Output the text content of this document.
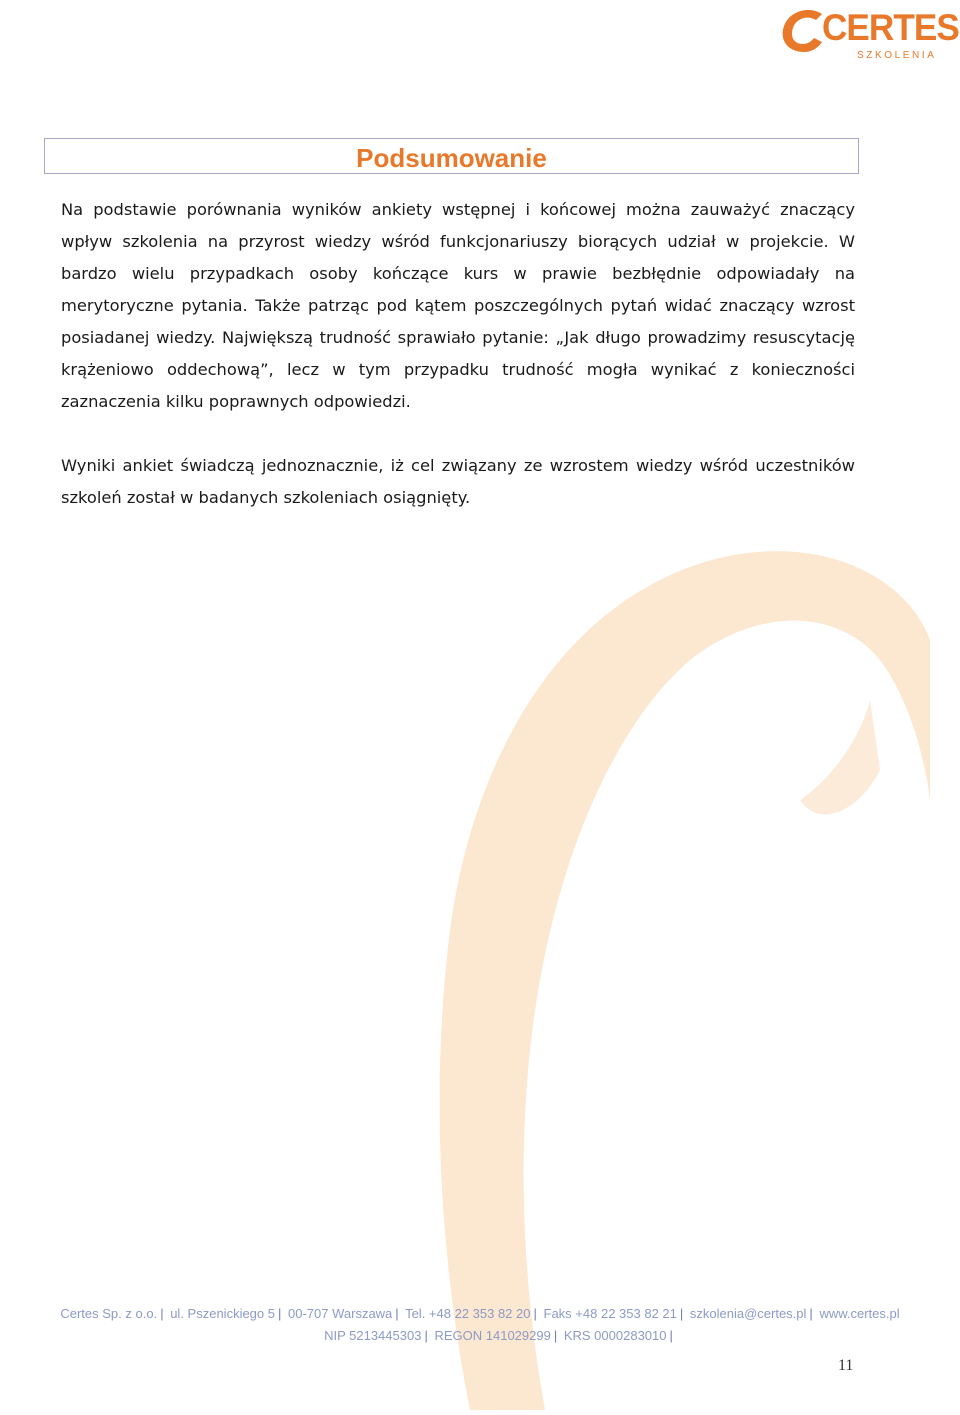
CERTES
SZKOLENIA
Podsumowanie

Na podstawie porównania wyników ankiety wstępnej i końcowej można zauważyć znaczący wpływ szkolenia na przyrost wiedzy wśród funkcjonariuszy biorących udział w projekcie. W bardzo wielu przypadkach osoby kończące kurs w prawie bezbłędnie odpowiadały na merytoryczne pytania. Także patrząc pod kątem poszczególnych pytań widać znaczący wzrost posiadanej wiedzy. Największą trudność sprawiało pytanie: „Jak długo prowadzimy resuscytację krążeniowo oddechową”, lecz w tym przypadku trudność mogła wynikać z konieczności zaznaczenia kilku poprawnych odpowiedzi.

Wyniki ankiet świadczą jednoznacznie, iż cel związany ze wzrostem wiedzy wśród uczestników szkoleń został w badanych szkoleniach osiągnięty.

Certes Sp. z o.o. | ul. Pszenickiego 5 | 00-707 Warszawa | Tel. +48 22 353 82 20 | Faks +48 22 353 82 21 | szkolenia@certes.pl | www.certes.pl
NIP 5213445303 | REGON 141029299 | KRS 0000283010 |
11
